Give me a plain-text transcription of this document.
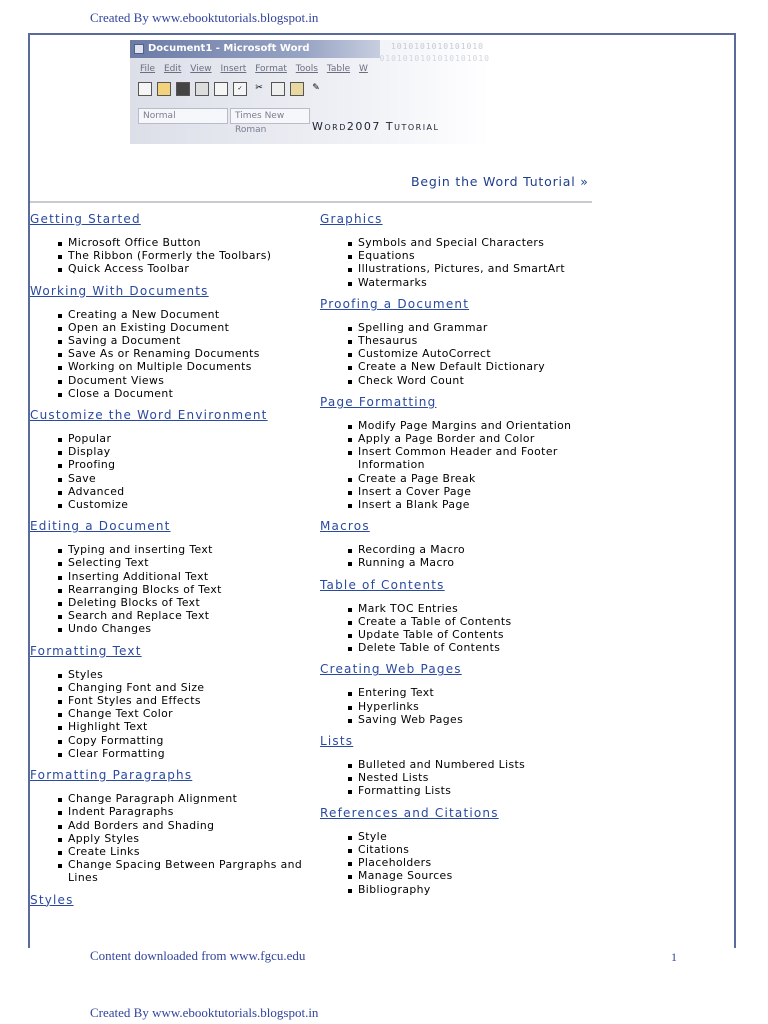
Created By www.ebooktutorials.blogspot.in
Document1 - Microsoft Word	1010101010101010
0101010101010101010
File Edit View Insert Format Tools Table W
✓	✂	✎
Normal	Times New Roman	Word2007 Tutorial
Begin the Word Tutorial »
Getting Started
Microsoft Office Button
The Ribbon (Formerly the Toolbars)
Quick Access Toolbar
Working With Documents
Creating a New Document
Open an Existing Document
Saving a Document
Save As or Renaming Documents
Working on Multiple Documents
Document Views
Close a Document
Customize the Word Environment
Popular
Display
Proofing
Save
Advanced
Customize
Editing a Document
Typing and inserting Text
Selecting Text
Inserting Additional Text
Rearranging Blocks of Text
Deleting Blocks of Text
Search and Replace Text
Undo Changes
Formatting Text
Styles
Changing Font and Size
Font Styles and Effects
Change Text Color
Highlight Text
Copy Formatting
Clear Formatting
Formatting Paragraphs
Change Paragraph Alignment
Indent Paragraphs
Add Borders and Shading
Apply Styles
Create Links
Change Spacing Between Pargraphs and Lines
Styles
Graphics
Symbols and Special Characters
Equations
Illustrations, Pictures, and SmartArt
Watermarks
Proofing a Document
Spelling and Grammar
Thesaurus
Customize AutoCorrect
Create a New Default Dictionary
Check Word Count
Page Formatting
Modify Page Margins and Orientation
Apply a Page Border and Color
Insert Common Header and Footer Information
Create a Page Break
Insert a Cover Page
Insert a Blank Page
Macros
Recording a Macro
Running a Macro
Table of Contents
Mark TOC Entries
Create a Table of Contents
Update Table of Contents
Delete Table of Contents
Creating Web Pages
Entering Text
Hyperlinks
Saving Web Pages
Lists
Bulleted and Numbered Lists
Nested Lists
Formatting Lists
References and Citations
Style
Citations
Placeholders
Manage Sources
Bibliography
Content downloaded from www.fgcu.edu	1
Created By www.ebooktutorials.blogspot.in
